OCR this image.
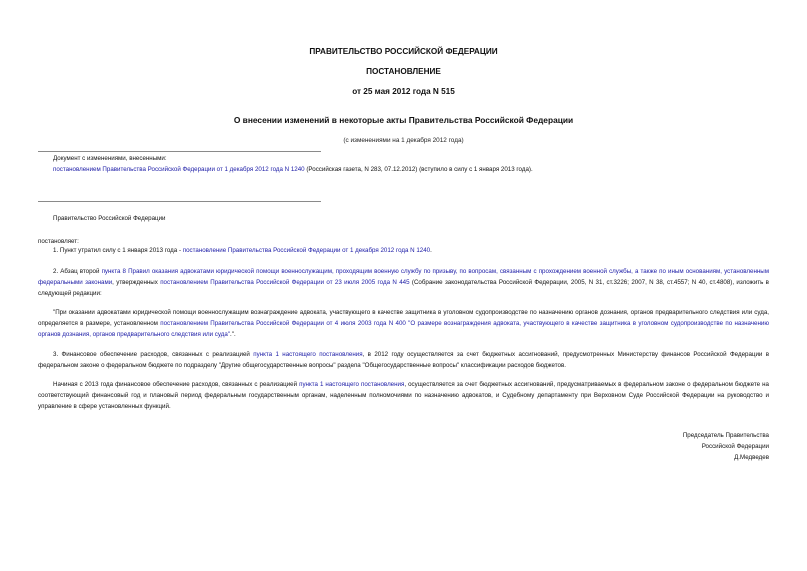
ПРАВИТЕЛЬСТВО РОССИЙСКОЙ ФЕДЕРАЦИИ
ПОСТАНОВЛЕНИЕ
от 25 мая 2012 года N 515
О внесении изменений в некоторые акты Правительства Российской Федерации
(с изменениями на 1 декабря 2012 года)
Документ с изменениями, внесенными:
постановлением Правительства Российской Федерации от 1 декабря 2012 года N 1240 (Российская газета, N 283, 07.12.2012) (вступило в силу с 1 января 2013 года).
Правительство Российской Федерации
постановляет:
1. Пункт утратил силу с 1 января 2013 года - постановление Правительства Российской Федерации от 1 декабря 2012 года N 1240.
2. Абзац второй пункта 8 Правил оказания адвокатами юридической помощи военнослужащим, проходящим военную службу по призыву, по вопросам, связанным с прохождением военной службы, а также по иным основаниям, установленным федеральными законами, утвержденных постановлением Правительства Российской Федерации от 23 июля 2005 года N 445 (Собрание законодательства Российской Федерации, 2005, N 31, ст.3226; 2007, N 38, ст.4557; N 40, ст.4808), изложить в следующей редакции:
"При оказании адвокатами юридической помощи военнослужащим вознаграждение адвоката, участвующего в качестве защитника в уголовном судопроизводстве по назначению органов дознания, органов предварительного следствия или суда, определяется в размере, установленном постановлением Правительства Российской Федерации от 4 июля 2003 года N 400 "О размере вознаграждения адвоката, участвующего в качестве защитника в уголовном судопроизводстве по назначению органов дознания, органов предварительного следствия или суда".".
3. Финансовое обеспечение расходов, связанных с реализацией пункта 1 настоящего постановления, в 2012 году осуществляется за счет бюджетных ассигнований, предусмотренных Министерству финансов Российской Федерации в федеральном законе о федеральном бюджете по подразделу "Другие общегосударственные вопросы" раздела "Общегосударственные вопросы" классификации расходов бюджетов.
Начиная с 2013 года финансовое обеспечение расходов, связанных с реализацией пункта 1 настоящего постановления, осуществляется за счет бюджетных ассигнований, предусматриваемых в федеральном законе о федеральном бюджете на соответствующий финансовый год и плановый период федеральным государственным органам, наделенным полномочиями по назначению адвокатов, и Судебному департаменту при Верховном Суде Российской Федерации на руководство и управление в сфере установленных функций.
Председатель Правительства
Российской Федерации
Д.Медведев
